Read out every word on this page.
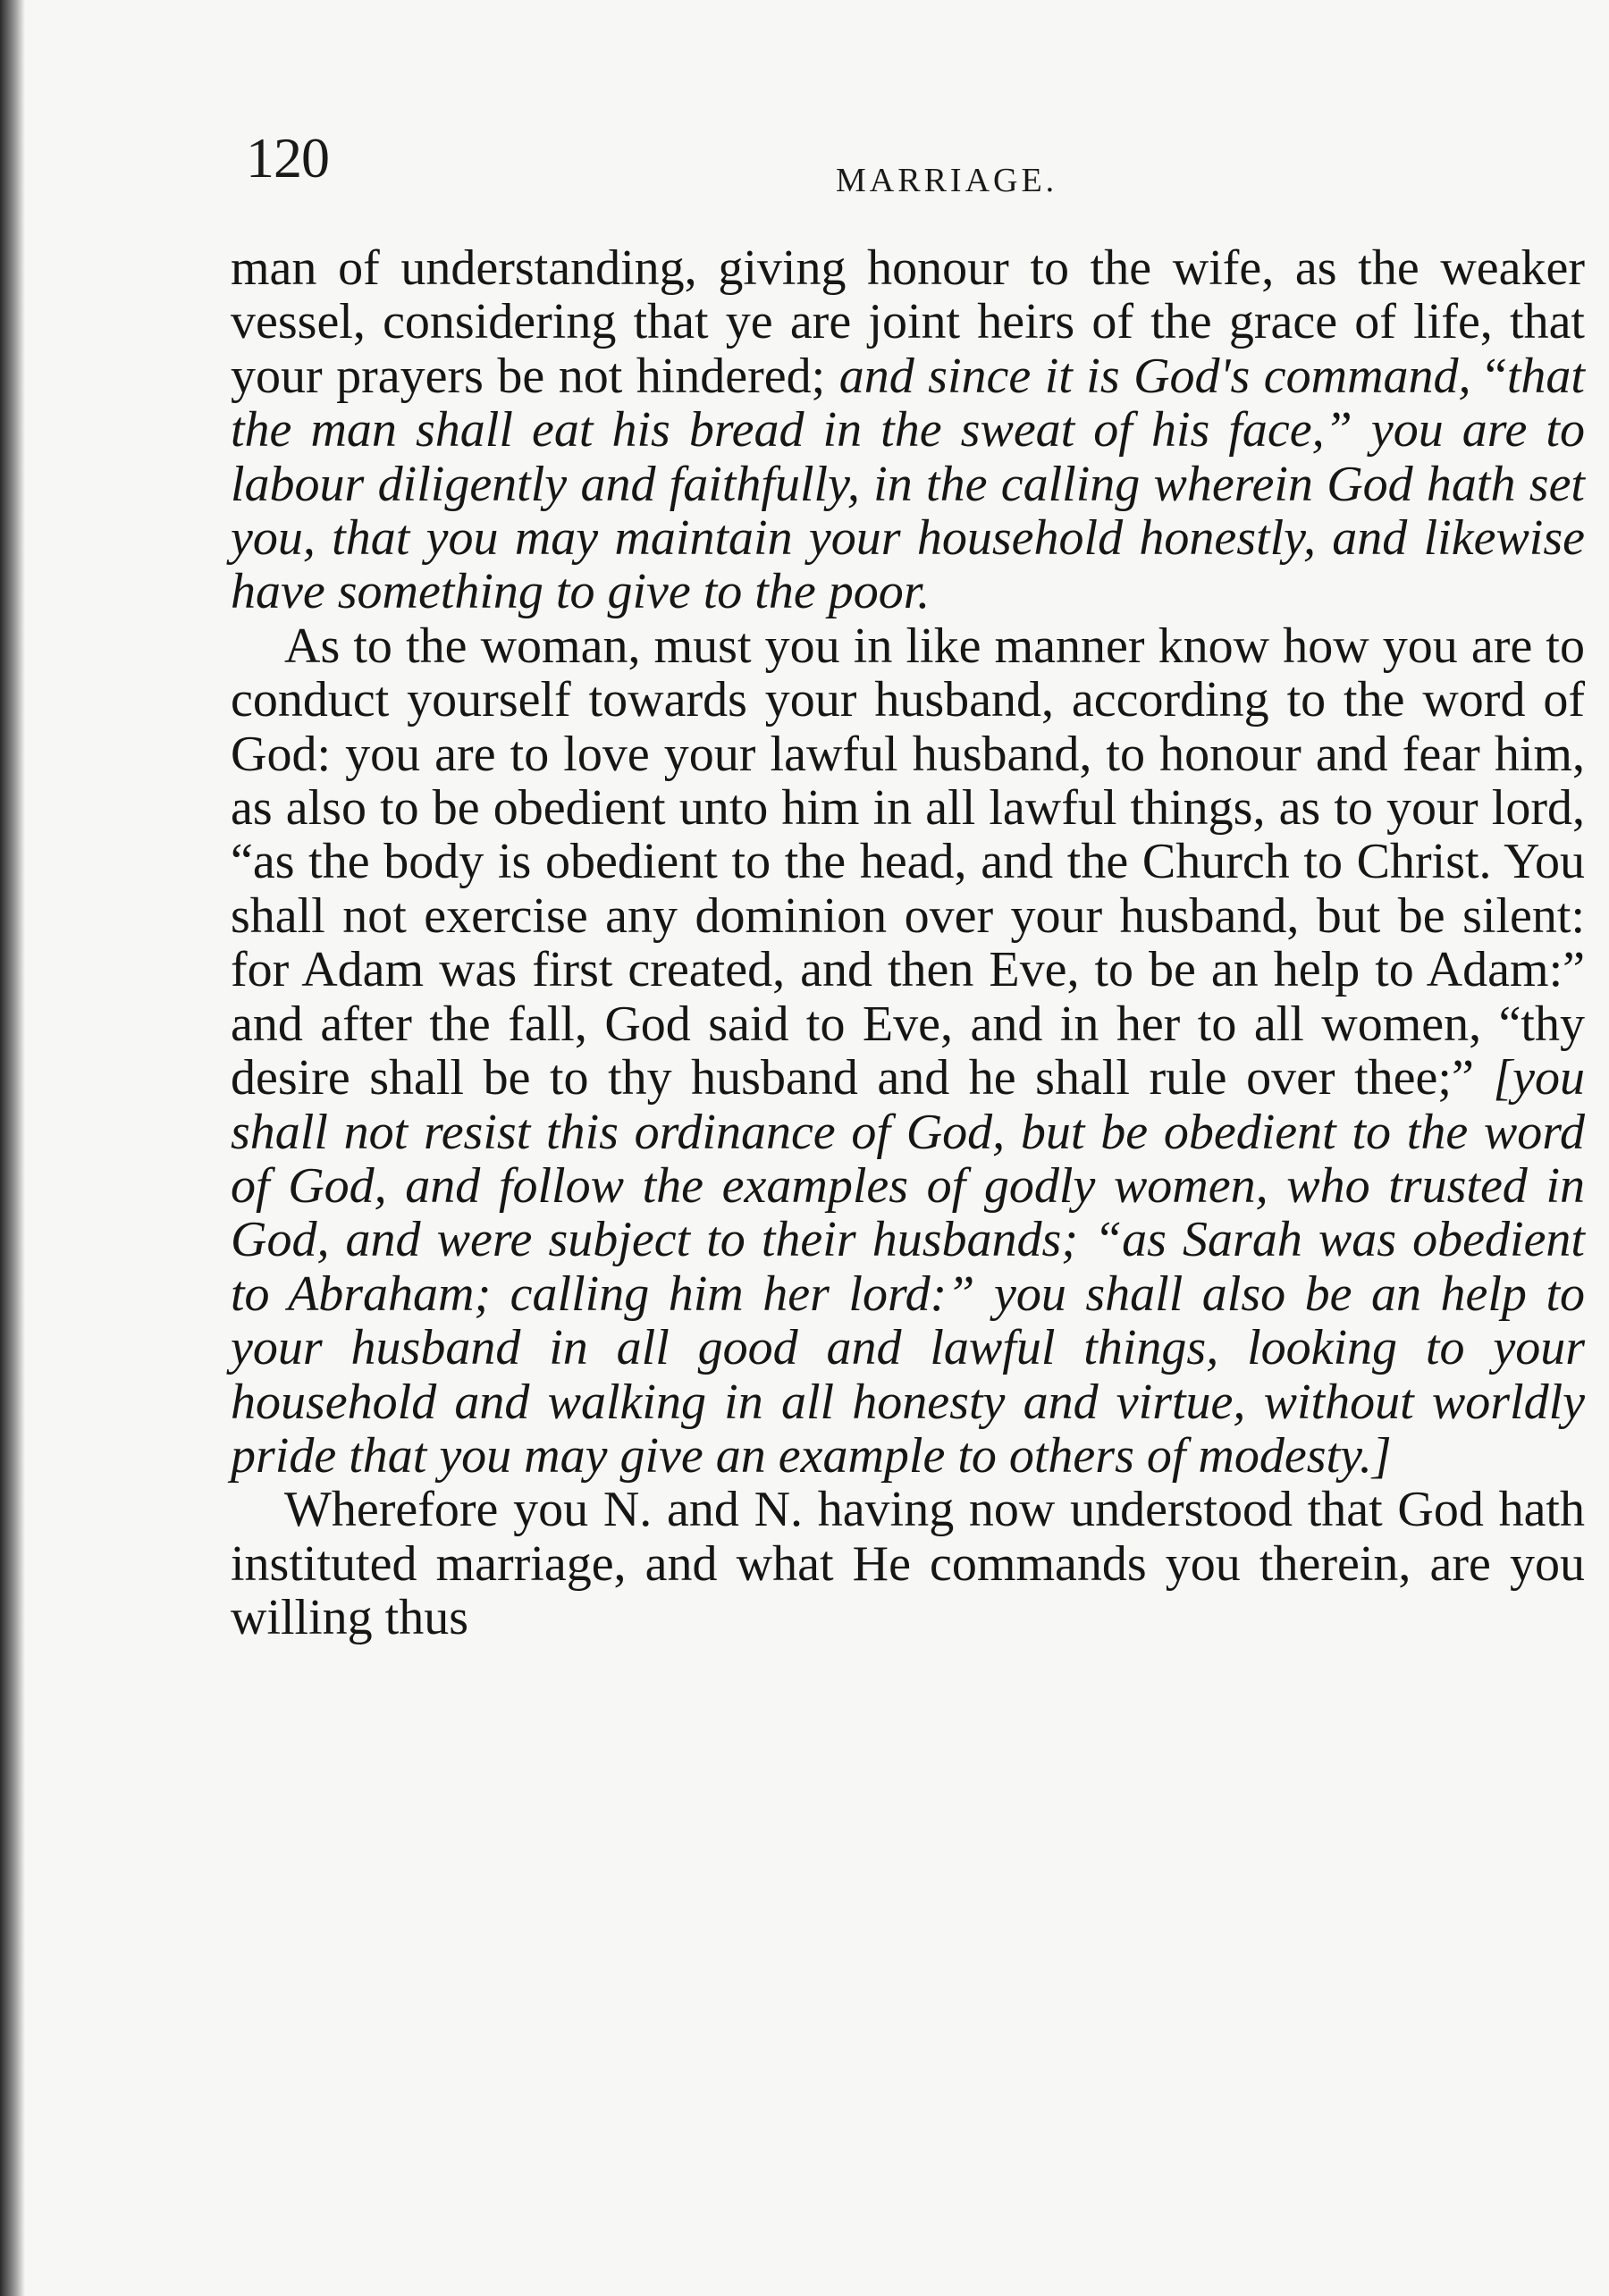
120	MARRIAGE.

man of understanding, giving honour to the wife, as the weaker vessel, considering that ye are joint heirs of the grace of life, that your prayers be not hindered; and since it is God's command, “that the man shall eat his bread in the sweat of his face,” you are to labour diligently and faithfully, in the calling wherein God hath set you, that you may maintain your household honestly, and likewise have something to give to the poor.

As to the woman, must you in like manner know how you are to conduct yourself towards your husband, according to the word of God: you are to love your lawful husband, to honour and fear him, as also to be obedient unto him in all lawful things, as to your lord, “as the body is obedient to the head, and the Church to Christ. You shall not exercise any dominion over your husband, but be silent: for Adam was first created, and then Eve, to be an help to Adam:” and after the fall, God said to Eve, and in her to all women, “thy desire shall be to thy husband and he shall rule over thee;” [you shall not resist this ordinance of God, but be obedient to the word of God, and follow the examples of godly women, who trusted in God, and were subject to their husbands; “as Sarah was obedient to Abraham; calling him her lord:” you shall also be an help to your husband in all good and lawful things, looking to your household and walking in all honesty and virtue, without worldly pride that you may give an example to others of modesty.]

Wherefore you N. and N. having now understood that God hath instituted marriage, and what He commands you therein, are you willing thus
